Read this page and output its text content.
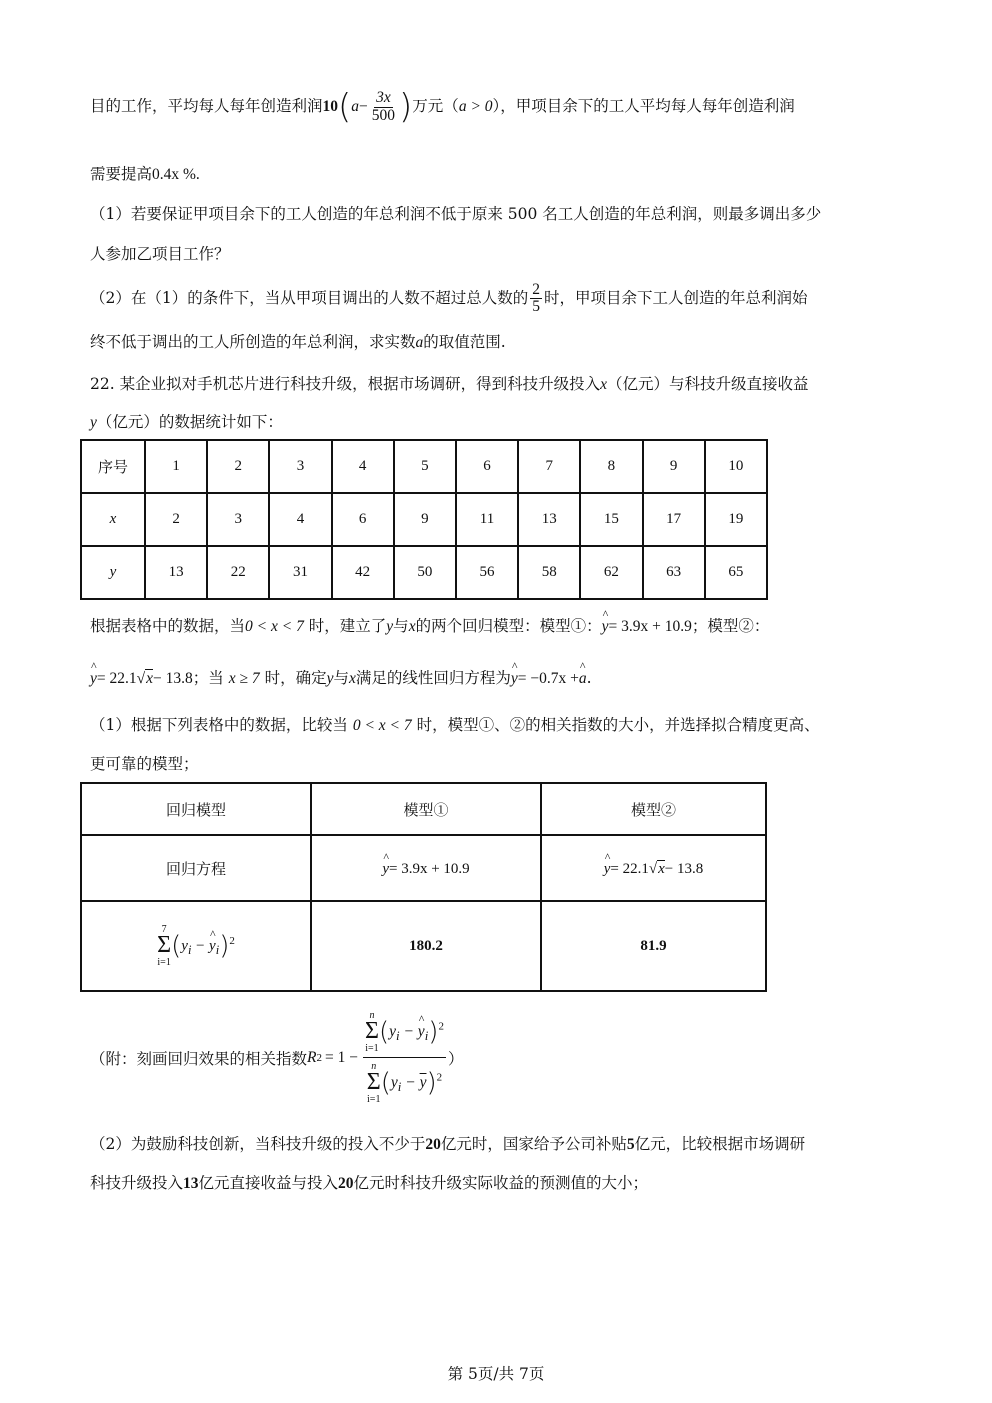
目的工作，平均每人每年创造利润$10(a- \frac{3x}{500}$ )万元（a > 0），甲项目余下的工人平均每人每年创造利润
需要提高0.4x %.
（1）若要保证甲项目余下的工人创造的年总利润不低于原来 500 名工人创造的年总利润，则最多调出多少
人参加乙项目工作？
（2）在（1）的条件下，当从甲项目调出的人数不超过总人数的 $\frac{2}{5}$ 时，甲项目余下工人创造的年总利润始
终不低于调出的工人所创造的年总利润，求实数a的取值范围.
22. 某企业拟对手机芯片进行科技升级，根据市场调研，得到科技升级投入x（亿元）与科技升级直接收益
y（亿元）的数据统计如下：
序号	1	2	3	4	5	6	7	8	9	10
x	2	3	4	6	9	11	13	15	17	19
y	13	22	31	42	50	56	58	62	63	65
根据表格中的数据，当0 < x < 7 时，建立了y与x的两个回归模型：模型①：^ y= 3.9x + 10.9；模型②：
^ y= 22.1√x− 13.8；当 x ≥ 7 时，确定y与x满足的线性回归方程为^ y= −0.7x +^ a.
（1）根据下列表格中的数据，比较当 0 < x < 7 时，模型①、②的相关指数的大小，并选择拟合精度更高、
更可靠的模型；
回归模型	模型①	模型②
回归方程	^ y= 3.9x + 10.9	^ y= 22.1√x− 13.8

7
Σ
i=1
($y_i$ − ^ $y_i)^2$	180.2	81.9
（附：刻画回归效果的相关指数 R 2 = 1 − n
Σ
i=1
($y_i$ − ^ $y_i)^2$
n
Σ
i=1
$(y_i - \overline{y})^2$ ）
（2）为鼓励科技创新，当科技升级的投入不少于20亿元时，国家给予公司补贴5亿元，比较根据市场调研
科技升级投入13亿元直接收益与投入20亿元时科技升级实际收益的预测值的大小；
第 5页/共 7页
